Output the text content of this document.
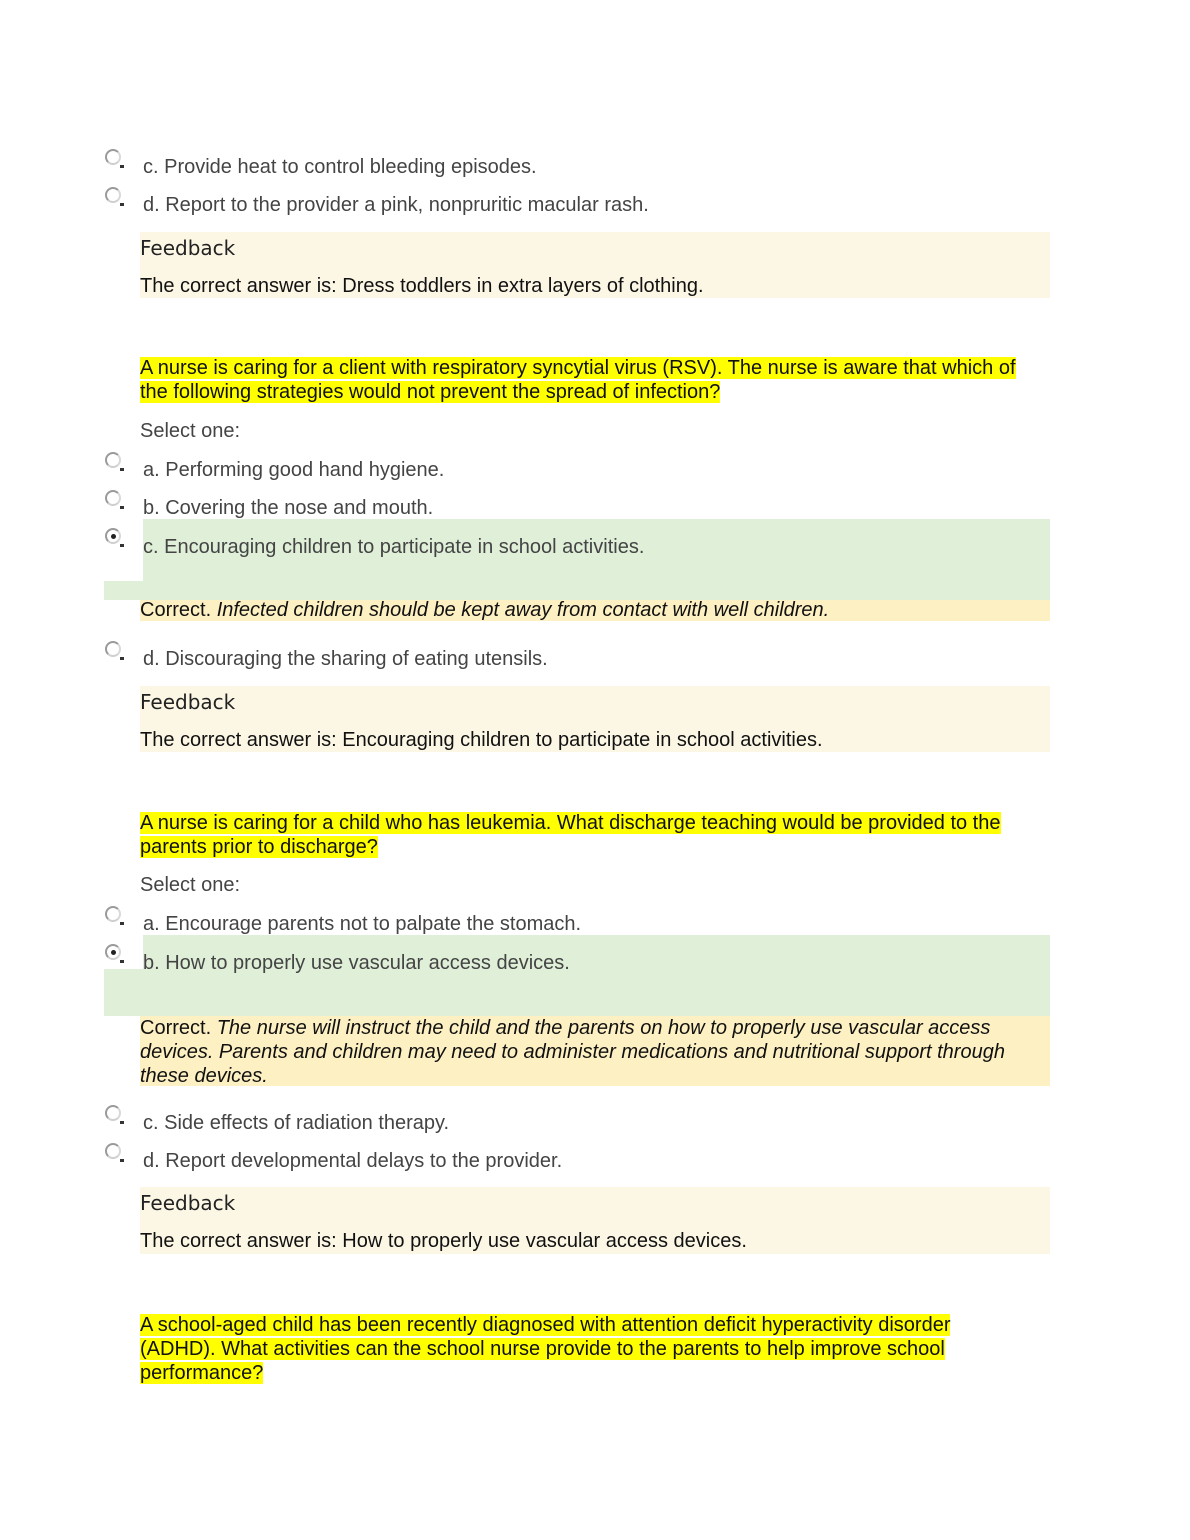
c. Provide heat to control bleeding episodes.
d. Report to the provider a pink, nonpruritic macular rash.
Feedback
The correct answer is: Dress toddlers in extra layers of clothing.
A nurse is caring for a client with respiratory syncytial virus (RSV). The nurse is aware that which of
the following strategies would not prevent the spread of infection?
Select one:
a. Performing good hand hygiene.
b. Covering the nose and mouth.
c. Encouraging children to participate in school activities.
Correct. Infected children should be kept away from contact with well children.
d. Discouraging the sharing of eating utensils.
Feedback
The correct answer is: Encouraging children to participate in school activities.
A nurse is caring for a child who has leukemia. What discharge teaching would be provided to the
parents prior to discharge?
Select one:
a. Encourage parents not to palpate the stomach.
b. How to properly use vascular access devices.
Correct. The nurse will instruct the child and the parents on how to properly use vascular access
devices. Parents and children may need to administer medications and nutritional support through
these devices.
c. Side effects of radiation therapy.
d. Report developmental delays to the provider.
Feedback
The correct answer is: How to properly use vascular access devices.
A school-aged child has been recently diagnosed with attention deficit hyperactivity disorder
(ADHD). What activities can the school nurse provide to the parents to help improve school
performance?
